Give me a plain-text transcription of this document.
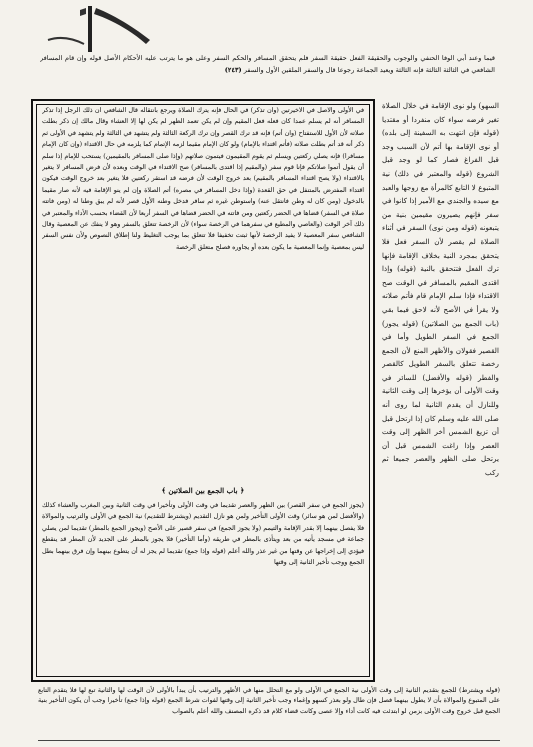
قيما وعند أبي الوفا الحنفي والوجوب والحقيقة الفعل حقيقة السفر فلم يتحقق المسافر والحكم السفر وعلى هو ما يترتب عليه الأحكام الأصل قوله وإن قام المسافر الشافعي في الثالثة الثالثة فإنه الثالثة ويعيد الجماعة رجوعا قال والسفر الملقين الأول والسفر (٢٤٣)
في الأولى والاصل في الاخيرتين (وان تذكر) في الحال فإنه يترك الصلاة ويرجع بانتقاله قال الشافعي ان ذلك الرجل إذا تذكر المسافر أنه لم يسلم عمدا كان فعله فعل المقيم وإن لم يكن تعمد الظهر لم يكن لها إلا العشاء وقال مالك إن ذكر بطلت صلاته لأن الأول للاستفتاح (وان أتم) فإنه قد ترك القصر وإن ترك الركعة الثالثة ولم يتشهد في الثالثة ولم يتشهد في الأولى ثم ذكر أنه قد أتم بطلت صلاته (فأتم اقتداء بالإمام) ولو كان الإمام مقيما لزمه الإتمام كما يلزمه في حال الاقتداء (وإن كان الإمام مسافرا) فإنه يصلي ركعتين ويسلم ثم يقوم المقيمون فيتمون صلاتهم (وإذا صلى المسافر بالمقيمين) يستحب للإمام إذا سلم أن يقول أتموا صلاتكم فإنا قوم سفر (والمقيم إذا اقتدى بالمسافر) صح الاقتداء في الوقت وبعده لأن فرض المسافر لا يتغير بالاقتداء (ولا يصح اقتداء المسافر بالمقيم) بعد خروج الوقت لأن فرضه قد استقر ركعتين فلا يتغير بعد خروج الوقت فيكون اقتداء المفترض بالمتنفل في حق القعدة (وإذا دخل المسافر في مصره) أتم الصلاة وإن لم ينو الإقامة فيه لأنه صار مقيما بالدخول (ومن كان له وطن فانتقل عنه) واستوطن غيره ثم سافر فدخل وطنه الأول قصر لأنه لم يبق وطنا له (ومن فاتته صلاة في السفر) قضاها في الحضر ركعتين ومن فاتته في الحضر قضاها في السفر أربعا لأن القضاء بحسب الأداء والمعتبر في ذلك آخر الوقت (والعاصي والمطيع في سفرهما في الرخصة سواء) لأن الرخصة تتعلق بالسفر وهو لا ينفك عن المعصية وقال الشافعي سفر المعصية لا يفيد الرخصة لأنها ثبتت تخفيفا فلا تتعلق بما يوجب التغليظ ولنا إطلاق النصوص ولأن نفس السفر ليس بمعصية وإنما المعصية ما يكون بعده أو يجاوره فصلح متعلق الرخصة
﴿ باب الجمع بين الصلاتين ﴾
(يجوز الجمع في سفر القصر) بين الظهر والعصر تقديما في وقت الأولى وتأخيرا في وقت الثانية وبين المغرب والعشاء كذلك (والأفضل لمن هو سائر) وقت الأولى التأخير ولمن هو نازل التقديم (ويشترط للتقديم) نية الجمع في الأولى والترتيب والموالاة فلا يفصل بينهما إلا بقدر الإقامة والتيمم (ولا يجوز الجمع) في سفر قصير على الأصح (ويجوز الجمع بالمطر) تقديما لمن يصلي جماعة في مسجد يأتيه من بعد ويتأذى بالمطر في طريقه (وأما التأخير) فلا يجوز بالمطر على الجديد لأن المطر قد ينقطع فيؤدي إلى إخراجها عن وقتها من غير عذر والله أعلم (قوله وإذا جمع) تقديما لم يجز له أن يتطوع بينهما وإن فرق بينهما بطل الجمع ووجب تأخير الثانية إلى وقتها
السهو) ولو نوى الإقامة في خلال الصلاة تغير فرضه سواء كان منفردا أو مقتديا (قوله فإن انتهت به السفينة إلى بلده) أو نوى الإقامة بها أتم لأن السبب وجد قبل الفراغ فصار كما لو وجد قبل الشروع (قوله والمعتبر في ذلك) نية المتبوع لا التابع كالمرأة مع زوجها والعبد مع سيده والجندي مع الأمير إذا كانوا في سفر فإنهم يصيرون مقيمين بنية من يتبعونه (قوله ومن نوى) السفر في أثناء الصلاة لم يقصر لأن السفر فعل فلا يتحقق بمجرد النية بخلاف الإقامة فإنها ترك الفعل فتتحقق بالنية (قوله) وإذا اقتدى المقيم بالمسافر في الوقت صح الاقتداء فإذا سلم الإمام قام فأتم صلاته ولا يقرأ في الأصح لأنه لاحق فيما بقي (باب الجمع بين الصلاتين) (قوله يجوز) الجمع في السفر الطويل وأما في القصير فقولان والأظهر المنع لأن الجمع رخصة تتعلق بالسفر الطويل كالقصر والفطر (قوله والأفضل) للسائر في وقت الأولى أن يؤخرها إلى وقت الثانية وللنازل أن يقدم الثانية لما روى أنه صلى الله عليه وسلم كان إذا ارتحل قبل أن تزيغ الشمس أخر الظهر إلى وقت العصر وإذا زاغت الشمس قبل أن يرتحل صلى الظهر والعصر جميعا ثم ركب
(قوله ويشترط) للجمع بتقديم الثانية إلى وقت الأولى نية الجمع في الأولى ولو مع التحلل منها في الأظهر والترتيب بأن يبدأ بالأولى لأن الوقت لها والثانية تبع لها فلا يتقدم التابع على المتبوع والموالاة بأن لا يطول بينهما فصل فإن طال ولو بعذر كسهو وإغماء وجب تأخير الثانية إلى وقتها لفوات شرط الجمع (قوله وإذا جمع) تأخيرا وجب أن يكون التأخير بنية الجمع قبل خروج وقت الأولى بزمن لو ابتدئت فيه كانت أداء وإلا عصى وكانت قضاء كلام قد ذكره المصنف والله أعلم بالصواب
